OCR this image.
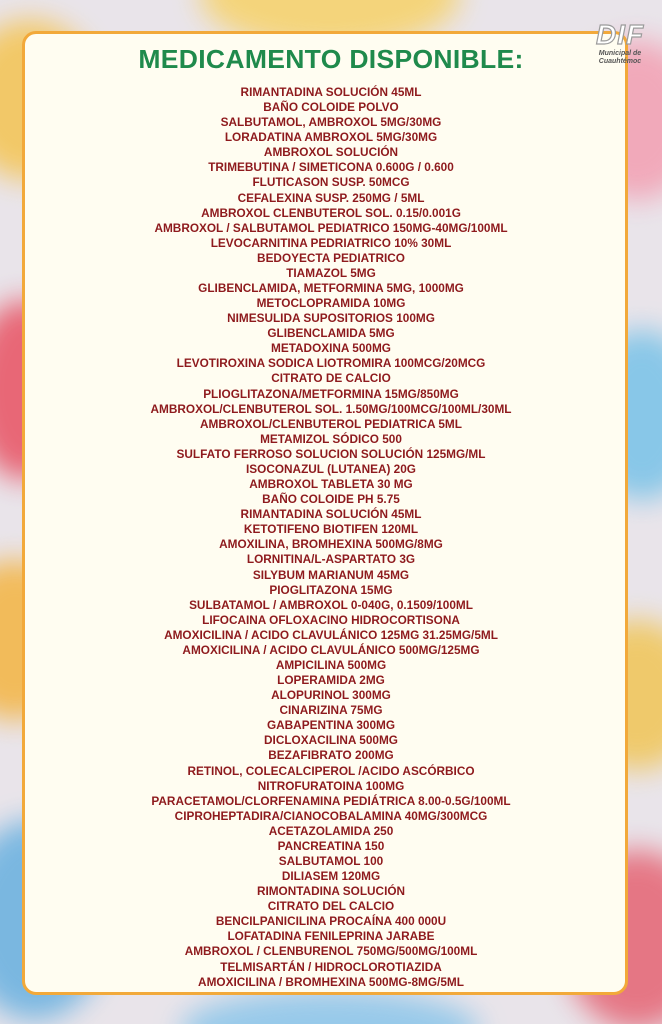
DIF
Municipal de
Cuauhtémoc
MEDICAMENTO DISPONIBLE:
RIMANTADINA SOLUCIÓN 45ML
BAÑO COLOIDE POLVO
SALBUTAMOL, AMBROXOL 5MG/30MG
LORADATINA AMBROXOL 5MG/30MG
AMBROXOL SOLUCIÓN
TRIMEBUTINA / SIMETICONA 0.600G / 0.600
FLUTICASON SUSP. 50MCG
CEFALEXINA SUSP. 250MG / 5ML
AMBROXOL CLENBUTEROL SOL. 0.15/0.001G
AMBROXOL / SALBUTAMOL PEDIATRICO 150MG-40MG/100ML
LEVOCARNITINA PEDRIATRICO 10% 30ML
BEDOYECTA PEDIATRICO
TIAMAZOL 5MG
GLIBENCLAMIDA, METFORMINA 5MG, 1000MG
METOCLOPRAMIDA 10MG
NIMESULIDA SUPOSITORIOS 100MG
GLIBENCLAMIDA 5MG
METADOXINA 500MG
LEVOTIROXINA SODICA LIOTROMIRA 100MCG/20MCG
CITRATO DE CALCIO
PLIOGLITAZONA/METFORMINA 15MG/850MG
AMBROXOL/CLENBUTEROL SOL. 1.50MG/100MCG/100ML/30ML
AMBROXOL/CLENBUTEROL PEDIATRICA 5ML
METAMIZOL SÓDICO 500
SULFATO FERROSO SOLUCION SOLUCIÓN 125MG/ML
ISOCONAZUL (LUTANEA) 20G
AMBROXOL TABLETA 30 MG
BAÑO COLOIDE PH 5.75
RIMANTADINA SOLUCIÓN 45ML
KETOTIFENO BIOTIFEN 120ML
AMOXILINA, BROMHEXINA 500MG/8MG
LORNITINA/L-ASPARTATO 3G
SILYBUM MARIANUM 45MG
PIOGLITAZONA 15MG
SULBATAMOL / AMBROXOL 0-040G, 0.1509/100ML
LIFOCAINA OFLOXACINO HIDROCORTISONA
AMOXICILINA / ACIDO CLAVULÁNICO 125MG 31.25MG/5ML
AMOXICILINA / ACIDO CLAVULÁNICO 500MG/125MG
AMPICILINA 500MG
LOPERAMIDA 2MG
ALOPURINOL 300MG
CINARIZINA 75MG
GABAPENTINA 300MG
DICLOXACILINA 500MG
BEZAFIBRATO 200MG
RETINOL, COLECALCIPEROL /ACIDO ASCÓRBICO
NITROFURATOINA 100MG
PARACETAMOL/CLORFENAMINA PEDIÁTRICA 8.00-0.5G/100ML
CIPROHEPTADIRA/CIANOCOBALAMINA 40MG/300MCG
ACETAZOLAMIDA 250
PANCREATINA 150
SALBUTAMOL 100
DILIASEM 120MG
RIMONTADINA SOLUCIÓN
CITRATO DEL CALCIO
BENCILPANICILINA PROCAÍNA 400 000U
LOFATADINA FENILEPRINA JARABE
AMBROXOL / CLENBURENOL 750MG/500MG/100ML
TELMISARTÁN / HIDROCLOROTIAZIDA
AMOXICILINA / BROMHEXINA 500MG-8MG/5ML
